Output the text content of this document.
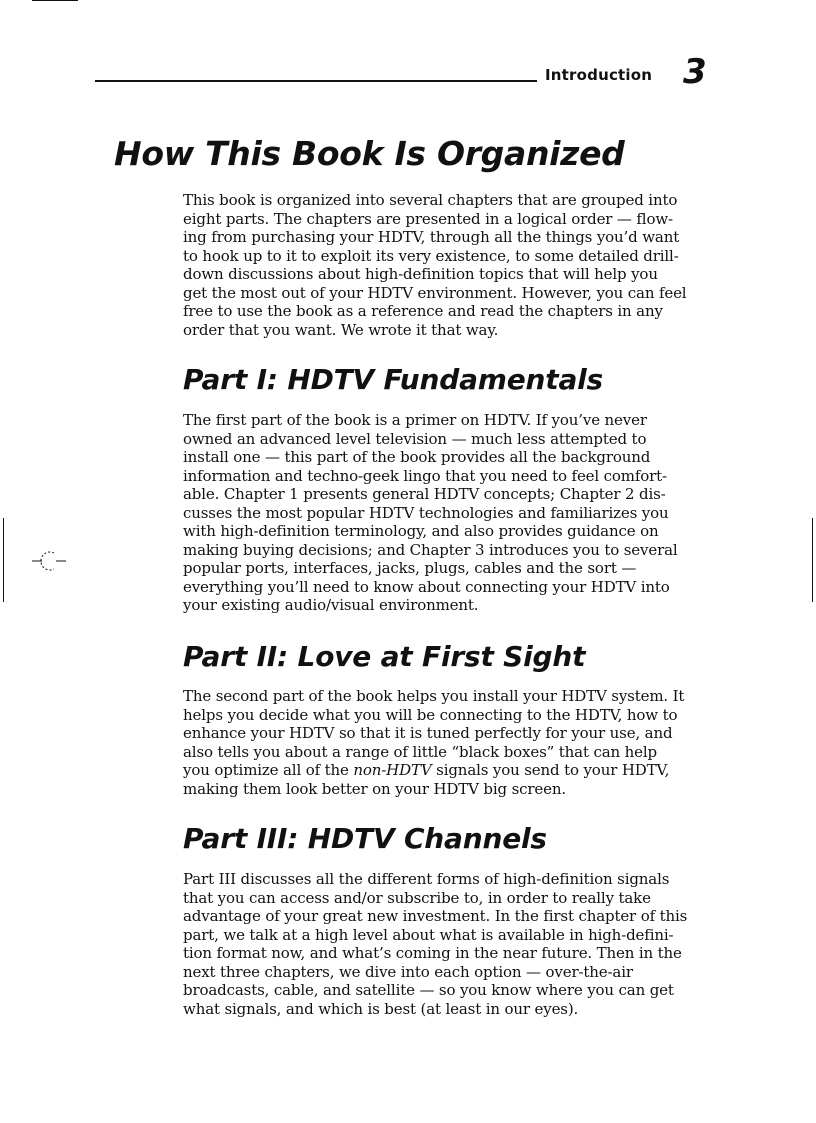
Introduction 3
How This Book Is Organized

This book is organized into several chapters that are grouped into
eight parts. The chapters are presented in a logical order — flow-
ing from purchasing your HDTV, through all the things you’d want
to hook up to it to exploit its very existence, to some detailed drill-
down discussions about high-definition topics that will help you
get the most out of your HDTV environment. However, you can feel
free to use the book as a reference and read the chapters in any
order that you want. We wrote it that way.

Part I: HDTV Fundamentals

The first part of the book is a primer on HDTV. If you’ve never
owned an advanced level television — much less attempted to
install one — this part of the book provides all the background
information and techno-geek lingo that you need to feel comfort-
able. Chapter 1 presents general HDTV concepts; Chapter 2 dis-
cusses the most popular HDTV technologies and familiarizes you
with high-definition terminology, and also provides guidance on
making buying decisions; and Chapter 3 introduces you to several
popular ports, interfaces, jacks, plugs, cables and the sort —
everything you’ll need to know about connecting your HDTV into
your existing audio/visual environment.

Part II: Love at First Sight

The second part of the book helps you install your HDTV system. It
helps you decide what you will be connecting to the HDTV, how to
enhance your HDTV so that it is tuned perfectly for your use, and
also tells you about a range of little “black boxes” that can help
you optimize all of the non-HDTV signals you send to your HDTV,
making them look better on your HDTV big screen.

Part III: HDTV Channels

Part III discusses all the different forms of high-definition signals
that you can access and/or subscribe to, in order to really take
advantage of your great new investment. In the first chapter of this
part, we talk at a high level about what is available in high-defini-
tion format now, and what’s coming in the near future. Then in the
next three chapters, we dive into each option — over-the-air
broadcasts, cable, and satellite — so you know where you can get
what signals, and which is best (at least in our eyes).
